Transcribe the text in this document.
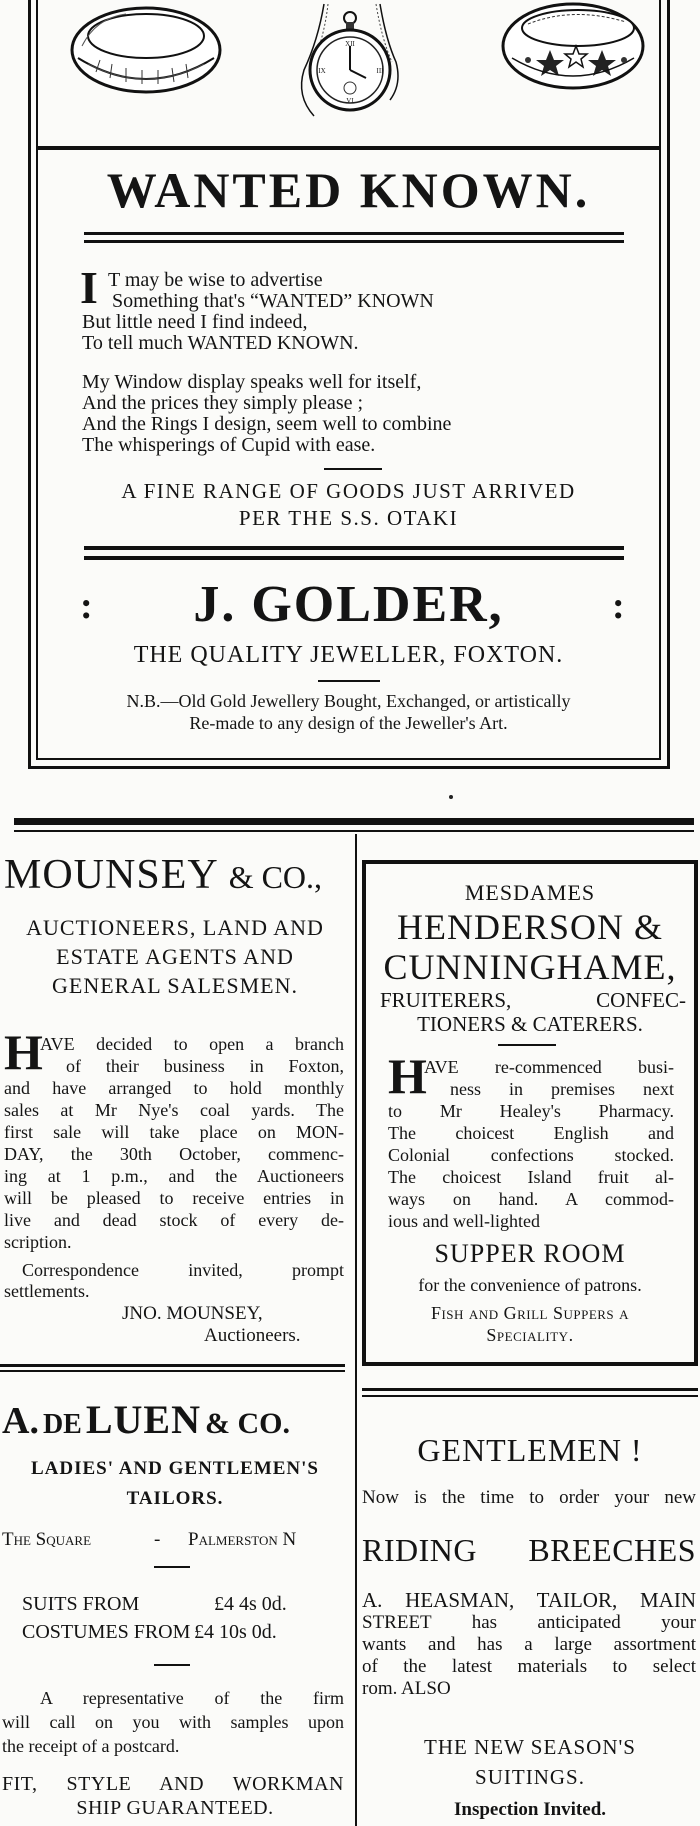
XII
III
VI
IX
WANTED KNOWN.
I T may be wise to advertise
Something that's “WANTED” KNOWN
But little need I find indeed,
To tell much WANTED KNOWN.
My Window display speaks well for itself,
And the prices they simply please ;
And the Rings I design, seem well to combine
The whisperings of Cupid with ease.
A FINE RANGE OF GOODS JUST ARRIVED
PER THE S.S. OTAKI
:	J. GOLDER,	:
THE QUALITY JEWELLER, FOXTON.
N.B.—Old Gold Jewellery Bought, Exchanged, or artistically
Re-made to any design of the Jeweller's Art.
MOUNSEY & CO.,
AUCTIONEERS, LAND AND
ESTATE AGENTS AND
GENERAL SALESMEN.
H
AVE decided to open a branch
of their business in Foxton,
and have arranged to hold monthly
sales at Mr Nye's coal yards. The
first sale will take place on MON-
DAY, the 30th October, commenc-
ing at 1 p.m., and the Auctioneers
will be pleased to receive entries in
live and dead stock of every de-
scription.
Correspondence invited, prompt
settlements.
JNO. MOUNSEY,
Auctioneers.
MESDAMES
HENDERSON &
CUNNINGHAME,
FRUITERERS, CONFEC-
TIONERS & CATERERS.
H
AVE re-commenced busi-
ness in premises next
to Mr Healey's Pharmacy.
The choicest English and
Colonial confections stocked.
The choicest Island fruit al-
ways on hand. A commod-
ious and well-lighted
SUPPER ROOM
for the convenience of patrons.
Fish and Grill Suppers a
Speciality.
A. DE LUEN & CO.
LADIES' AND GENTLEMEN'S
TAILORS.
The Square	- Palmerston N
SUITS FROM	£4 4s 0d.
COSTUMES FROM £4 10s 0d.
A representative of the firm
will call on you with samples upon
the receipt of a postcard.
FIT, STYLE AND WORKMAN
SHIP GUARANTEED.
GENTLEMEN !
Now is the time to order your new
RIDING BREECHES
A. HEASMAN, TAILOR, MAIN
STREET has anticipated your
wants and has a large assortment
of the latest materials to select
rom. ALSO
THE NEW SEASON'S
SUITINGS.
Inspection Invited.
